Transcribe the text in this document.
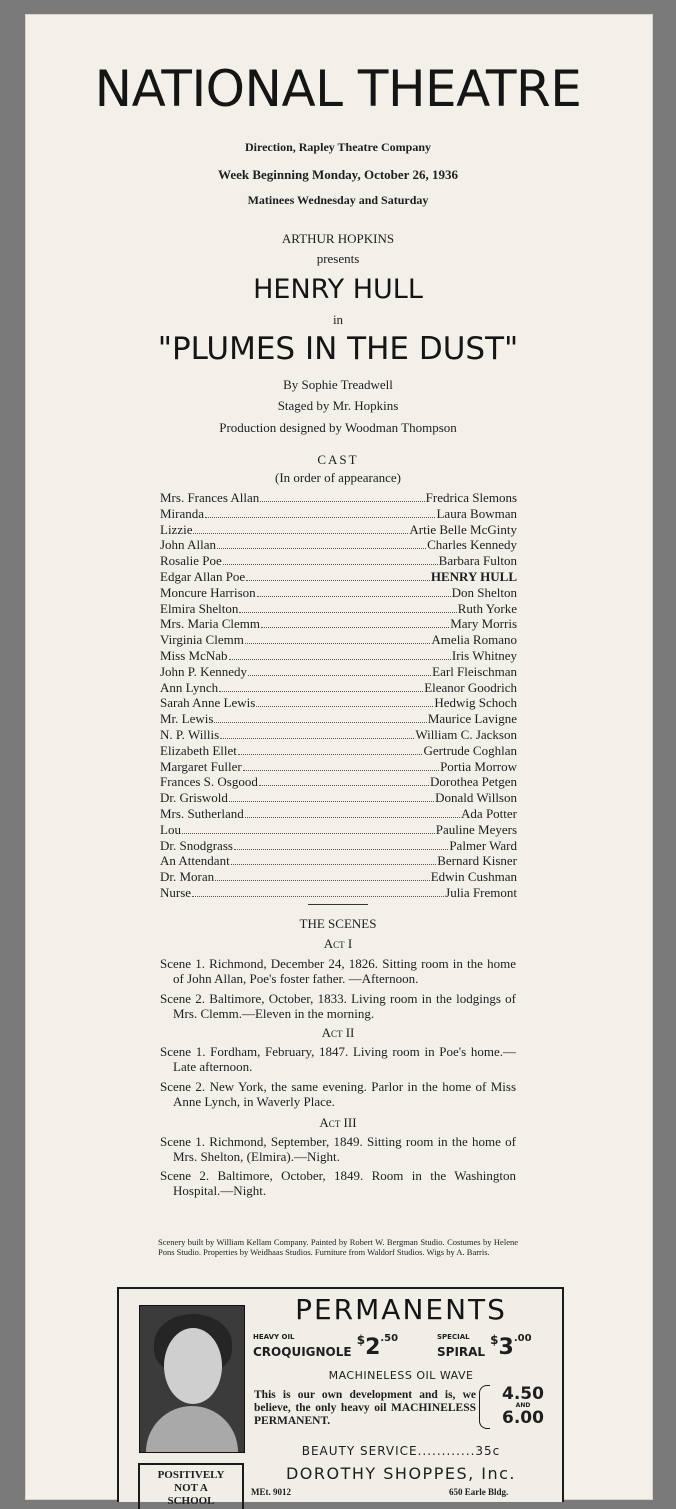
NATIONAL THEATRE
Direction, Rapley Theatre Company
Week Beginning Monday, October 26, 1936
Matinees Wednesday and Saturday
ARTHUR HOPKINS
presents
HENRY HULL
in
"PLUMES IN THE DUST"
By Sophie Treadwell
Staged by Mr. Hopkins
Production designed by Woodman Thompson
CAST
(In order of appearance)
Mrs. Frances Allan	Fredrica Slemons
Miranda	Laura Bowman
Lizzie	Artie Belle McGinty
John Allan	Charles Kennedy
Rosalie Poe	Barbara Fulton
Edgar Allan Poe	HENRY HULL
Moncure Harrison	Don Shelton
Elmira Shelton	Ruth Yorke
Mrs. Maria Clemm	Mary Morris
Virginia Clemm	Amelia Romano
Miss McNab	Iris Whitney
John P. Kennedy	Earl Fleischman
Ann Lynch	Eleanor Goodrich
Sarah Anne Lewis	Hedwig Schoch
Mr. Lewis	Maurice Lavigne
N. P. Willis	William C. Jackson
Elizabeth Ellet	Gertrude Coghlan
Margaret Fuller	Portia Morrow
Frances S. Osgood	Dorothea Petgen
Dr. Griswold	Donald Willson
Mrs. Sutherland	Ada Potter
Lou	Pauline Meyers
Dr. Snodgrass	Palmer Ward
An Attendant	Bernard Kisner
Dr. Moran	Edwin Cushman
Nurse	Julia Fremont
THE SCENES
Act I
Scene 1. Richmond, December 24, 1826. Sitting room in the home of John Allan, Poe's foster father. —Afternoon.
Scene 2. Baltimore, October, 1833. Living room in the lodgings of Mrs. Clemm.—Eleven in the morning.
Act II
Scene 1. Fordham, February, 1847. Living room in Poe's home.—Late afternoon.
Scene 2. New York, the same evening. Parlor in the home of Miss Anne Lynch, in Waverly Place.
Act III
Scene 1. Richmond, September, 1849. Sitting room in the home of Mrs. Shelton, (Elmira).—Night.
Scene 2. Baltimore, October, 1849. Room in the Washington Hospital.—Night.
Scenery built by William Kellam Company. Painted by Robert W. Bergman Studio. Costumes by Helene Pons Studio. Properties by Weidhaas Studios. Furniture from Waldorf Studios. Wigs by A. Barris.
POSITIVELY
NOT A
SCHOOL
PERMANENTS
HEAVY OIL
CROQUIGNOLE $^{\$}2^{.50}$	SPECIAL
SPIRAL $^{\$}3^{.00}$
MACHINELESS OIL WAVE
This is our own development and is, we believe, the only heavy oil MACHINELESS PERMANENT.
4.50
AND
6.00
BEAUTY SERVICE............35c
DOROTHY SHOPPES, Inc.
MEt. 9012	650 Earle Bldg.
